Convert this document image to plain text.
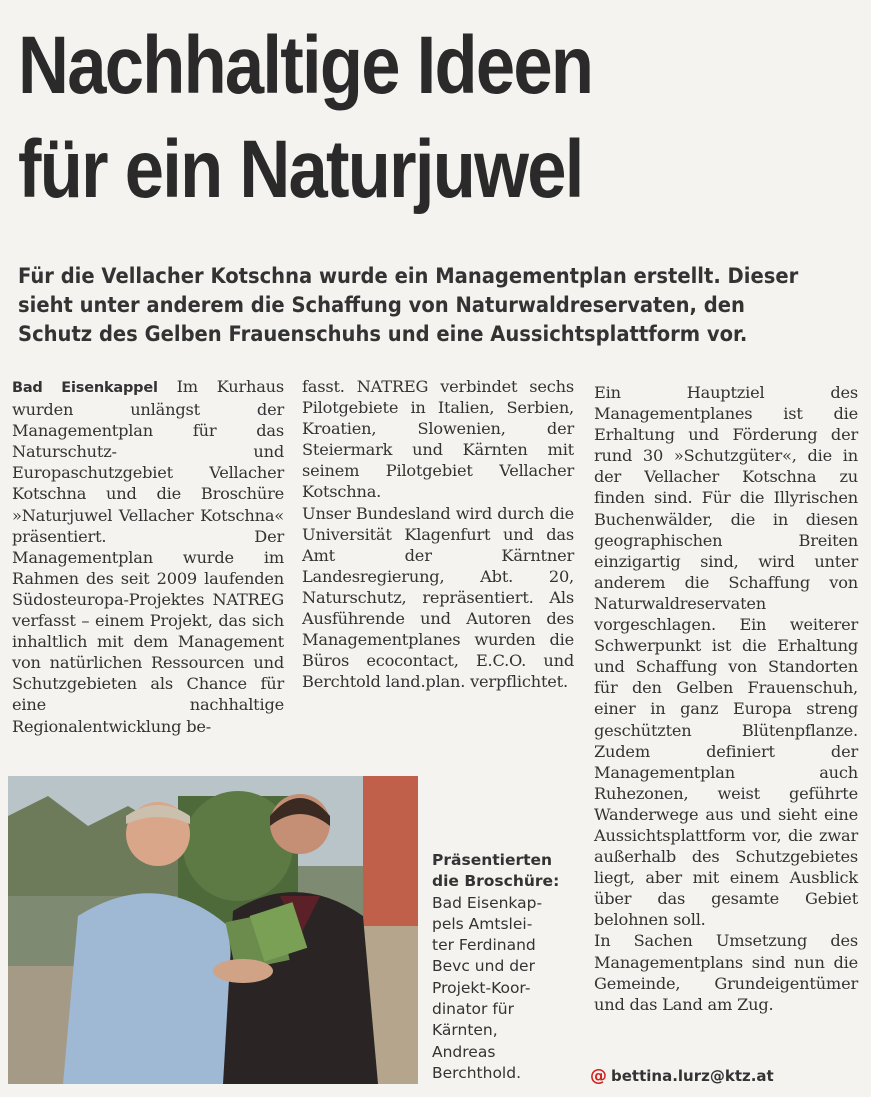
Nachhaltige Ideen
für ein Naturjuwel
Für die Vellacher Kotschna wurde ein Managementplan erstellt. Dieser
sieht unter anderem die Schaffung von Naturwaldreservaten, den
Schutz des Gelben Frauenschuhs und eine Aussichtsplattform vor.

Bad Eisenkappel Im Kurhaus wurden unlängst der Managementplan für das Naturschutz- und Europaschutzgebiet Vellacher Kotschna und die Broschüre »Naturjuwel Vellacher Kotschna« präsentiert. Der Managementplan wurde im Rahmen des seit 2009 laufenden Südosteuropa-Projektes NATREG verfasst – einem Projekt, das sich inhaltlich mit dem Management von natürlichen Ressourcen und Schutzgebieten als Chance für eine nachhaltige Regionalentwicklung be-

fasst. NATREG verbindet sechs Pilotgebiete in Italien, Serbien, Kroatien, Slowenien, der Steiermark und Kärnten mit seinem Pilotgebiet Vellacher Kotschna.

Unser Bundesland wird durch die Universität Klagenfurt und das Amt der Kärntner Landesregierung, Abt. 20, Naturschutz, repräsentiert. Als Ausführende und Autoren des Managementplanes wurden die Büros ecocontact, E.C.O. und Berchtold land.plan. verpflichtet.

Ein Hauptziel des Managementplanes ist die Erhaltung und Förderung der rund 30 »Schutzgüter«, die in der Vellacher Kotschna zu finden sind. Für die Illyrischen Buchenwälder, die in diesen geographischen Breiten einzigartig sind, wird unter anderem die Schaffung von Naturwaldreservaten vorgeschlagen. Ein weiterer Schwerpunkt ist die Erhaltung und Schaffung von Standorten für den Gelben Frauenschuh, einer in ganz Europa streng geschützten Blütenpflanze. Zudem definiert der Managementplan auch Ruhezonen, weist geführte Wanderwege aus und sieht eine Aussichtsplattform vor, die zwar außerhalb des Schutzgebietes liegt, aber mit einem Ausblick über das gesamte Gebiet belohnen soll.

In Sachen Umsetzung des Managementplans sind nun die Gemeinde, Grundeigentümer und das Land am Zug.

Präsentierten
die Broschüre:
Bad Eisenkap-
pels Amtslei-
ter Ferdinand
Bevc und der
Projekt-Koor-
dinator für
Kärnten,
Andreas
Berchthold.	@ bettina.lurz@ktz.at
